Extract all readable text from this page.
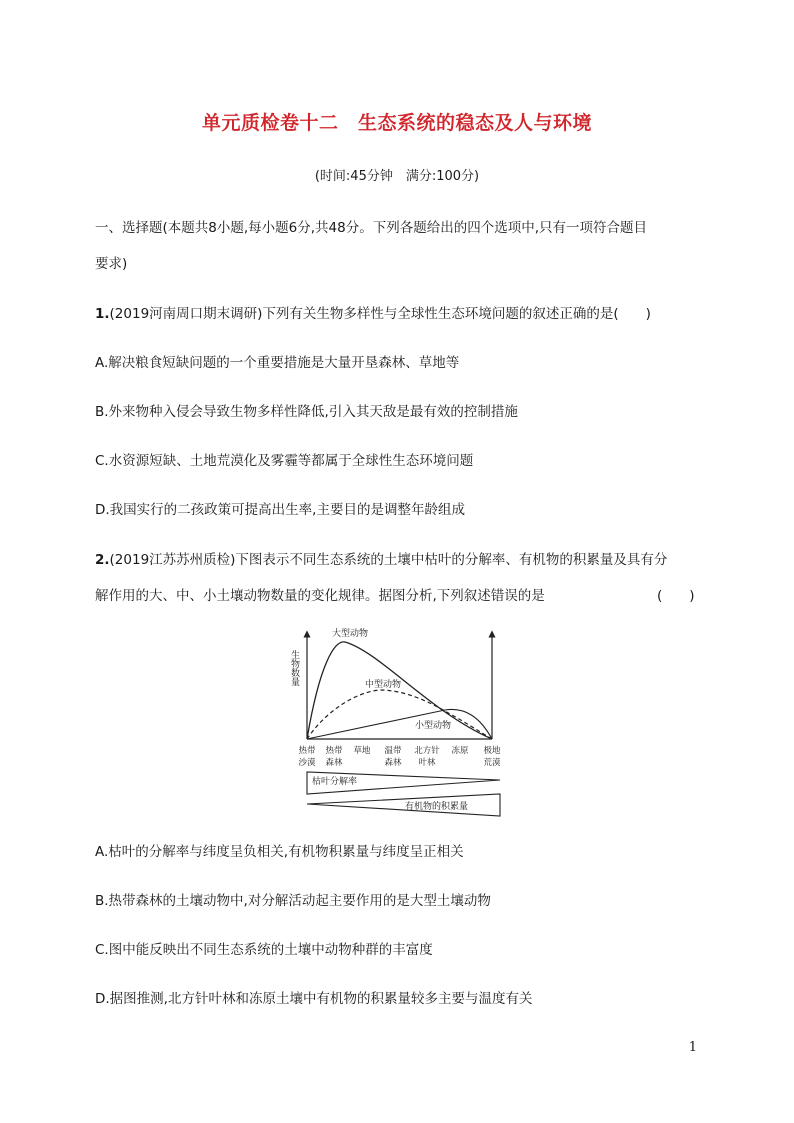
单元质检卷十二　生态系统的稳态及人与环境
(时间:45分钟　满分:100分)
一、选择题(本题共8小题,每小题6分,共48分。下列各题给出的四个选项中,只有一项符合题目
要求)
1.(2019河南周口期末调研)下列有关生物多样性与全球性生态环境问题的叙述正确的是(　　)
A.解决粮食短缺问题的一个重要措施是大量开垦森林、草地等
B.外来物种入侵会导致生物多样性降低,引入其天敌是最有效的控制措施
C.水资源短缺、土地荒漠化及雾霾等都属于全球性生态环境问题
D.我国实行的二孩政策可提高出生率,主要目的是调整年龄组成
2.(2019江苏苏州质检)下图表示不同生态系统的土壤中枯叶的分解率、有机物的积累量及具有分
解作用的大、中、小土壤动物数量的变化规律。据图分析,下列叙述错误的是	(　　)
生物数量
大型动物
中型动物
小型动物
热带
沙漠
热带
森林
草地 温带
森林
北方针
叶林
冻原 极地
荒漠
枯叶分解率
有机物的积累量
A.枯叶的分解率与纬度呈负相关,有机物积累量与纬度呈正相关
B.热带森林的土壤动物中,对分解活动起主要作用的是大型土壤动物
C.图中能反映出不同生态系统的土壤中动物种群的丰富度
D.据图推测,北方针叶林和冻原土壤中有机物的积累量较多主要与温度有关
1
